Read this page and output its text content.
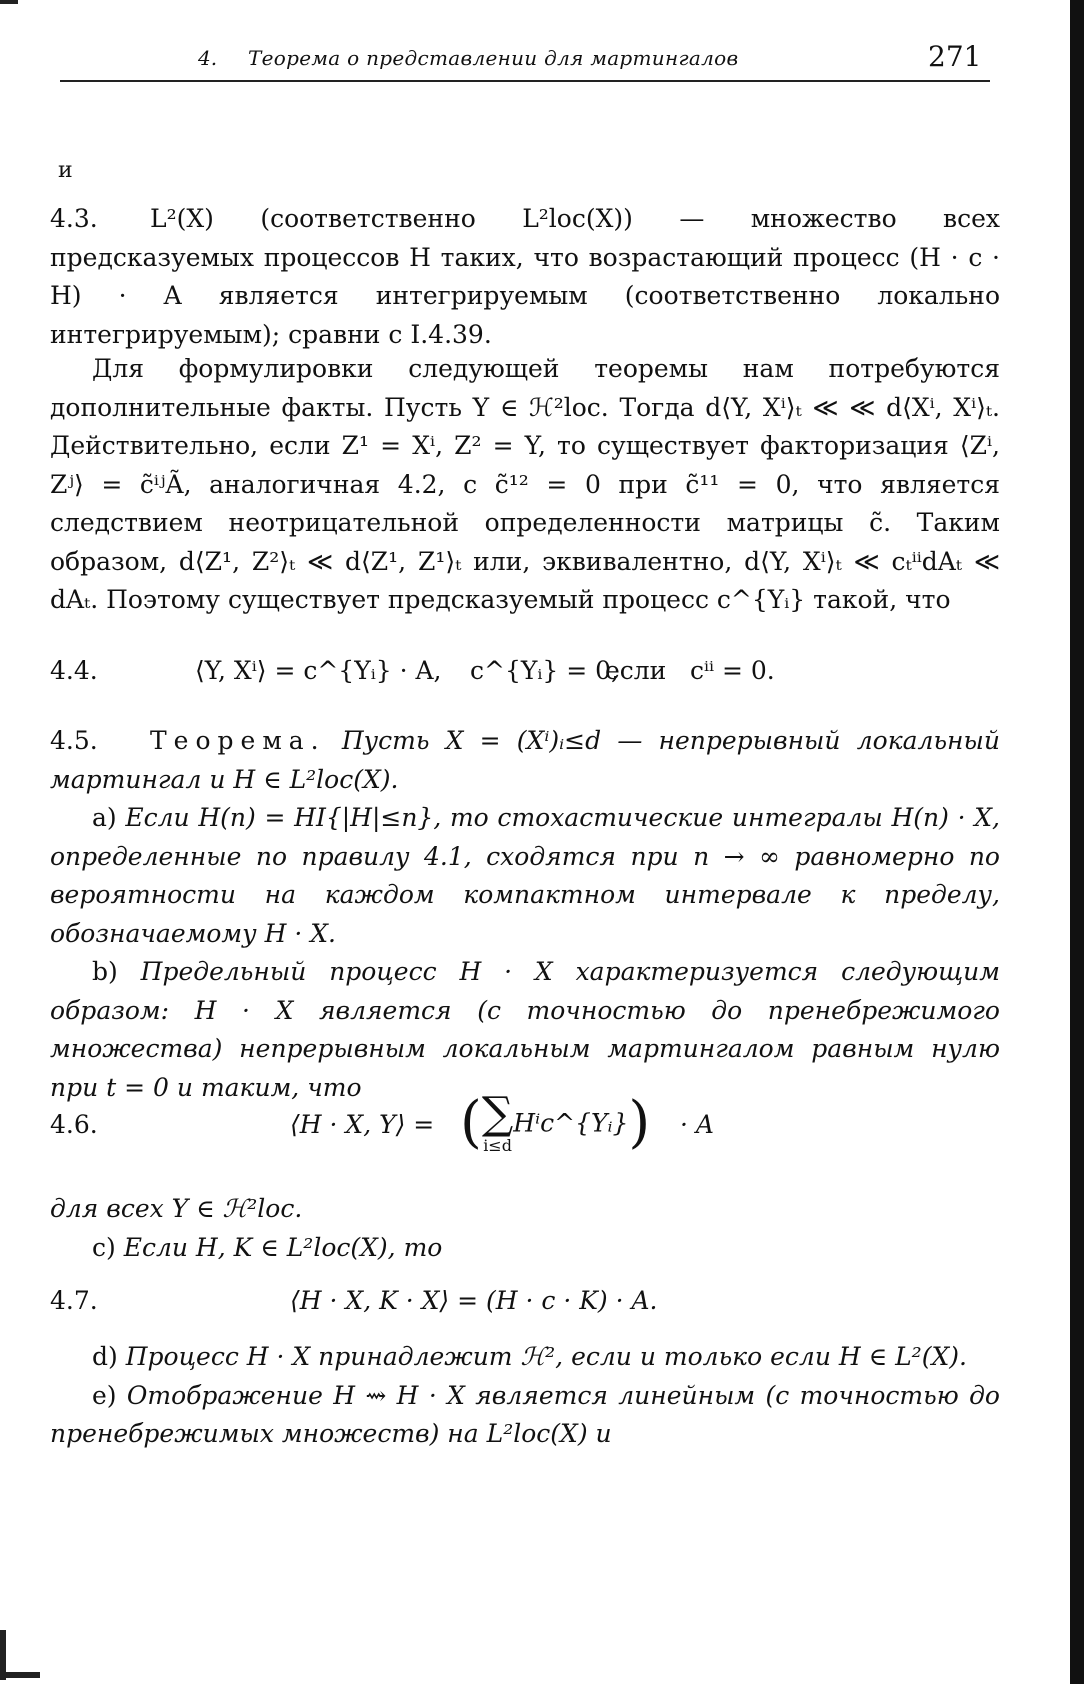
4. Теорема о представлении для мартингалов	271
и

4.3. L²(X) (соответственно L²loc(X)) — множество всех предсказуемых процессов H таких, что возрастающий процесс (H · c · H) · A является интегрируемым (соответственно локально интегрируемым); сравни с I.4.39.

Для формулировки следующей теоремы нам потребуются дополнительные факты. Пусть Y ∈ ℋ²loc. Тогда d⟨Y, Xⁱ⟩ₜ ≪ ≪ d⟨Xⁱ, Xⁱ⟩ₜ. Действительно, если Z¹ = Xⁱ, Z² = Y, то существует факторизация ⟨Zⁱ, Zʲ⟩ = c̃ⁱʲÃ, аналогичная 4.2, с c̃¹² = 0 при c̃¹¹ = 0, что является следствием неотрицательной определенности матрицы c̃. Таким образом, d⟨Z¹, Z²⟩ₜ ≪ d⟨Z¹, Z¹⟩ₜ или, эквивалентно, d⟨Y, Xⁱ⟩ₜ ≪ cₜⁱⁱdAₜ ≪ dAₜ. Поэтому существует предсказуемый процесс c^{Yᵢ} такой, что

4.4.	⟨Y, Xⁱ⟩ = c^{Yᵢ} · A, c^{Yᵢ} = 0,
если cⁱⁱ = 0.

4.5. Теорема. Пусть X = (Xⁱ)ᵢ≤d — непрерывный локальный мартингал и H ∈ L²loc(X).

a) Если H(n) = HI{|H|≤n}, то стохастические интегралы H(n) · X, определенные по правилу 4.1, сходятся при n → ∞ равномерно по вероятности на каждом компактном интервале к пределу, обозначаемому H · X.

b) Предельный процесс H · X характеризуется следующим образом: H · X является (с точностью до пренебрежимого множества) непрерывным локальным мартингалом равным нулю при t = 0 и таким, что

4.6.	⟨H · X, Y⟩ = ( ∑
i≤d
Hⁱc^{Yᵢ}) · A

для всех Y ∈ ℋ²loc.

c) Если H, K ∈ L²loc(X), то

4.7.	⟨H · X, K · X⟩ = (H · c · K) · A.

d) Процесс H · X принадлежит ℋ², если и только если H ∈ L²(X).

e) Отображение H ⇝ H · X является линейным (с точностью до пренебрежимых множеств) на L²loc(X) и
